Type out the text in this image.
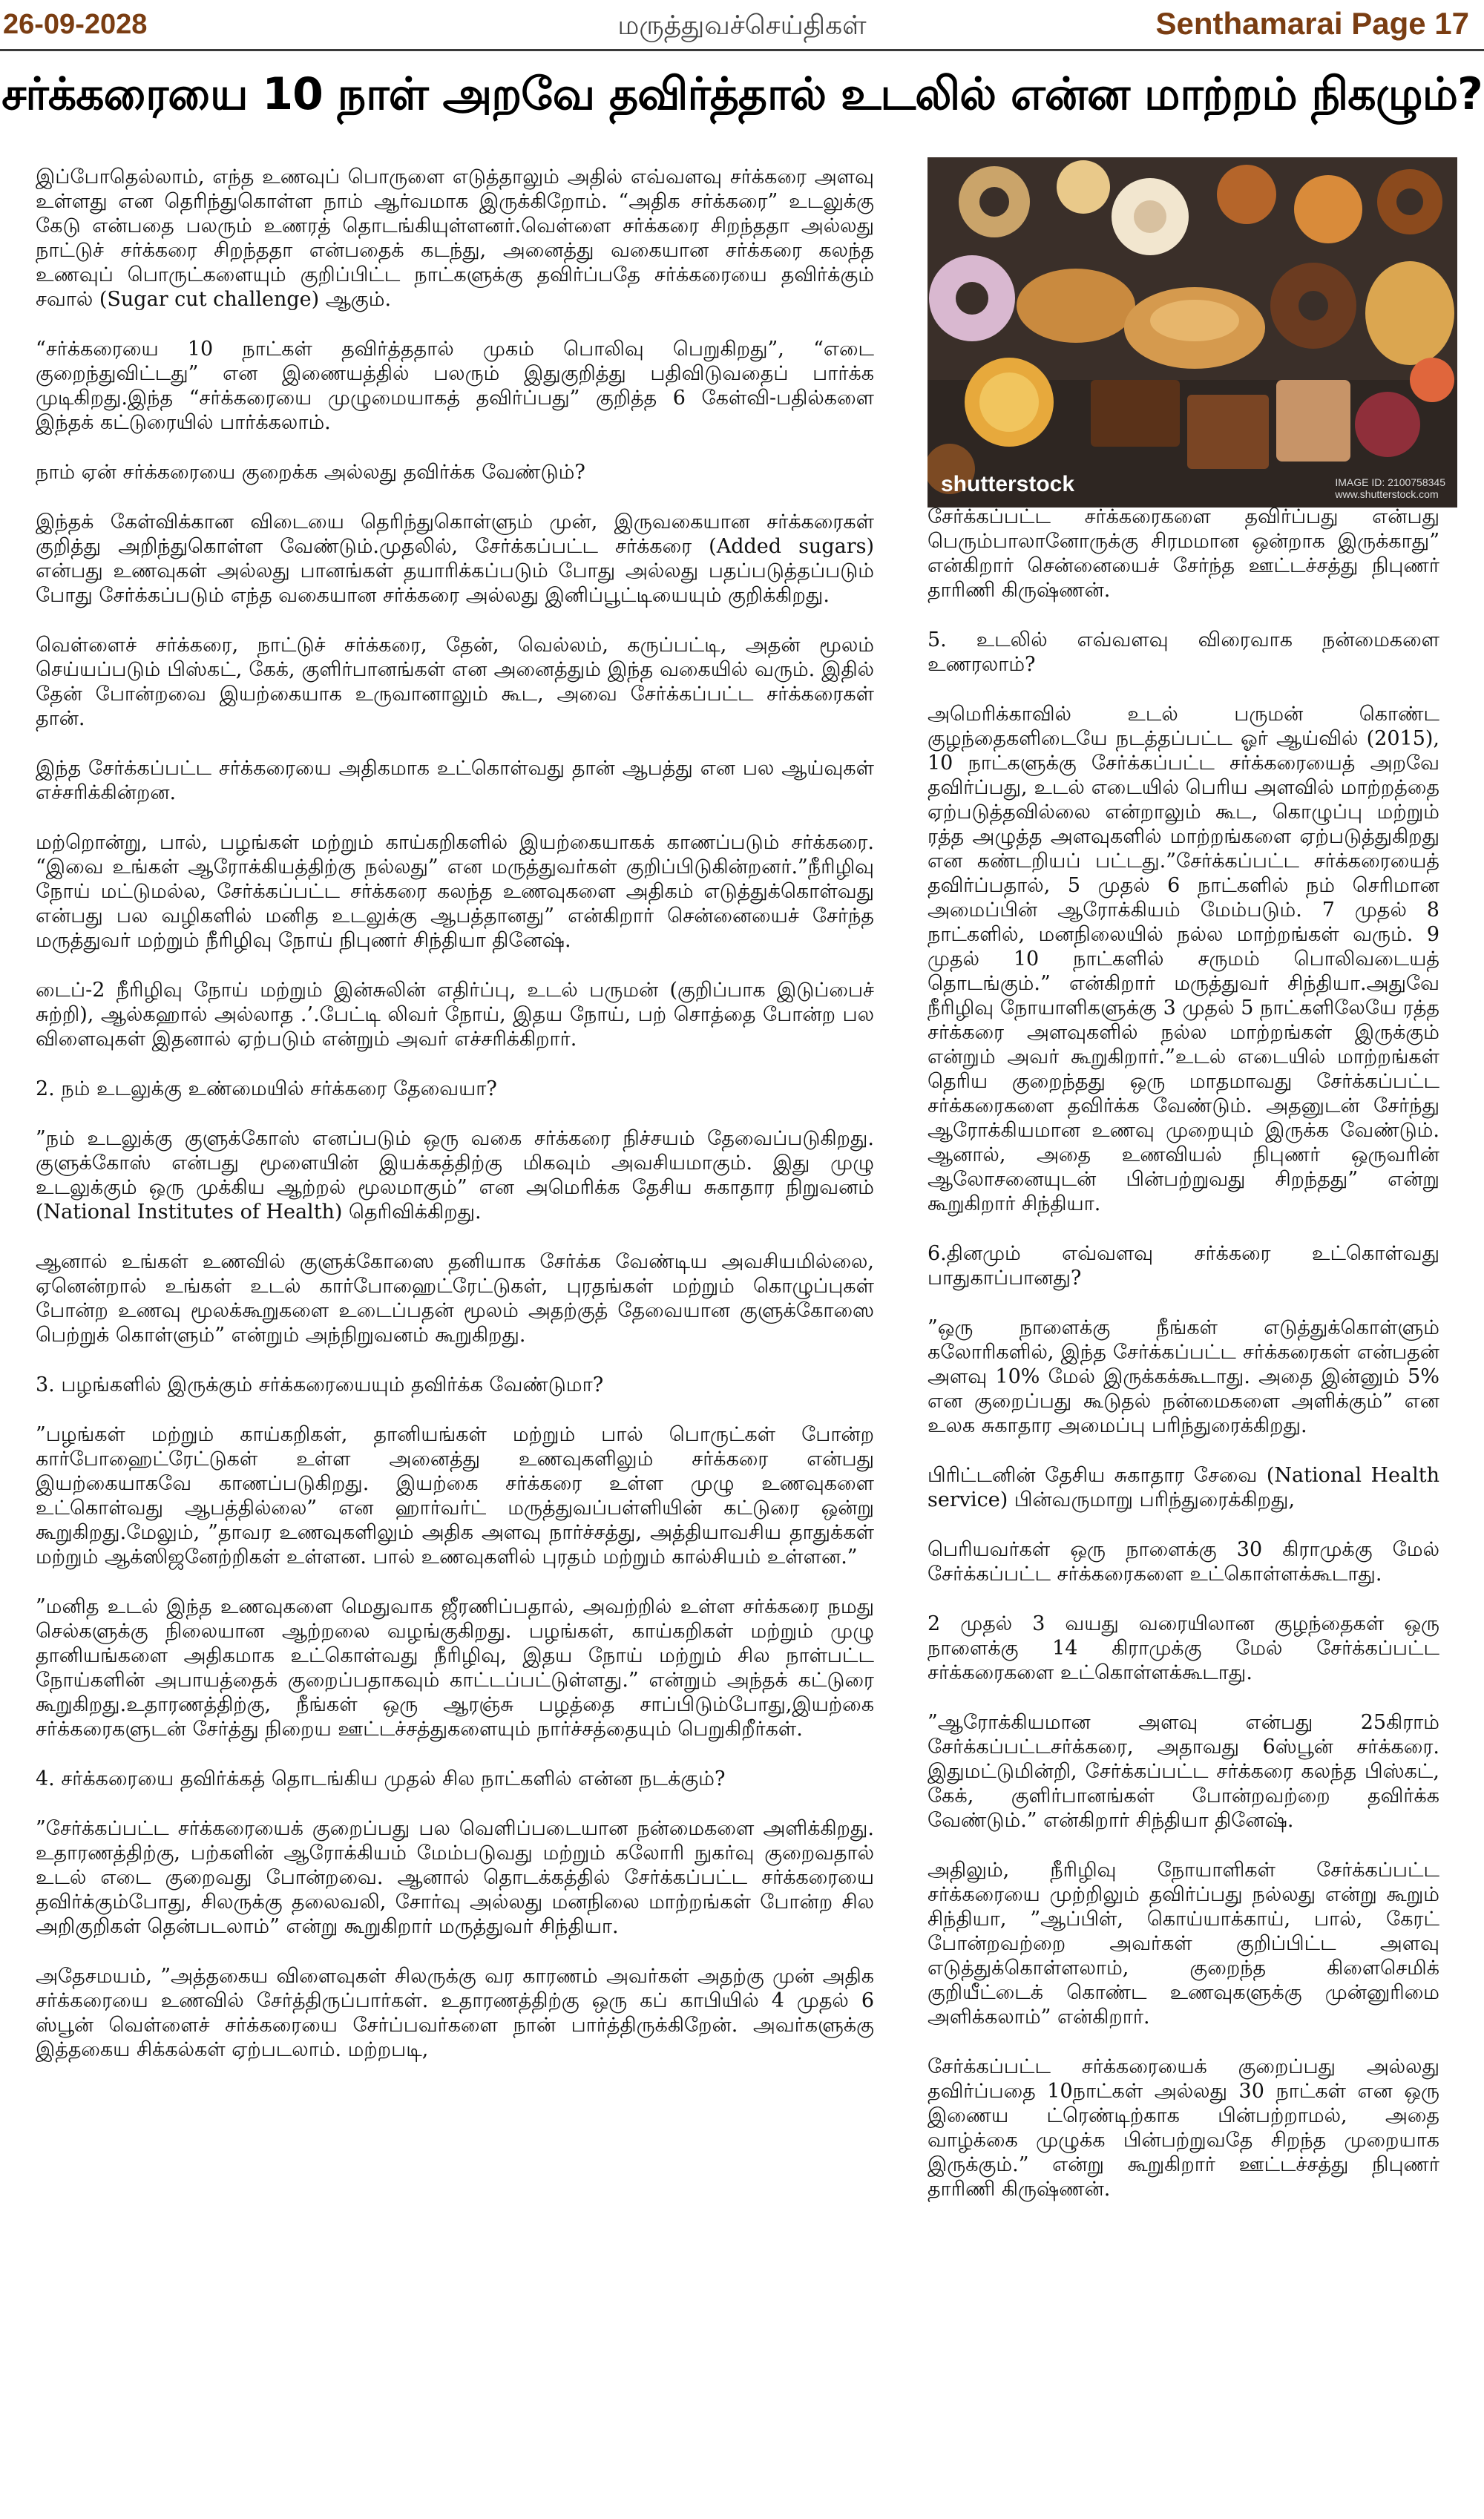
26-09-2028	மருத்துவச்செய்திகள்	Senthamarai Page 17
சர்க்கரையை 10 நாள் அறவே தவிர்த்தால் உடலில் என்ன மாற்றம் நிகழும்?

இப்போதெல்லாம், எந்த உணவுப் பொருளை எடுத்தாலும் அதில் எவ்வளவு சர்க்கரை அளவு உள்ளது என தெரிந்துகொள்ள நாம் ஆர்வமாக இருக்கிறோம். “அதிக சர்க்கரை” உடலுக்கு கேடு என்பதை பலரும் உணரத் தொடங்கியுள்ளனர்.வெள்ளை சர்க்கரை சிறந்ததா அல்லது நாட்டுச் சர்க்கரை சிறந்ததா என்பதைக் கடந்து, அனைத்து வகையான சர்க்கரை கலந்த உணவுப் பொருட்களையும் குறிப்பிட்ட நாட்களுக்கு தவிர்ப்பதே சர்க்கரையை தவிர்க்கும் சவால் (Sugar cut challenge) ஆகும்.

“சர்க்கரையை 10 நாட்கள் தவிர்த்ததால் முகம் பொலிவு பெறுகிறது”, “எடை குறைந்துவிட்டது” என இணையத்தில் பலரும் இதுகுறித்து பதிவிடுவதைப் பார்க்க முடிகிறது.இந்த “சர்க்கரையை முழுமையாகத் தவிர்ப்பது” குறித்த 6 கேள்வி-பதில்களை இந்தக் கட்டுரையில் பார்க்கலாம்.

நாம் ஏன் சர்க்கரையை குறைக்க அல்லது தவிர்க்க வேண்டும்?

இந்தக் கேள்விக்கான விடையை தெரிந்துகொள்ளும் முன், இருவகையான சர்க்கரைகள் குறித்து அறிந்துகொள்ள வேண்டும்.முதலில், சேர்க்கப்பட்ட சர்க்கரை (Added sugars) என்பது உணவுகள் அல்லது பானங்கள் தயாரிக்கப்படும் போது அல்லது பதப்படுத்தப்படும் போது சேர்க்கப்படும் எந்த வகையான சர்க்கரை அல்லது இனிப்பூட்டியையும் குறிக்கிறது.

வெள்ளைச் சர்க்கரை, நாட்டுச் சர்க்கரை, தேன், வெல்லம், கருப்பட்டி, அதன் மூலம் செய்யப்படும் பிஸ்கட், கேக், குளிர்பானங்கள் என அனைத்தும் இந்த வகையில் வரும். இதில் தேன் போன்றவை இயற்கையாக உருவானாலும் கூட, அவை சேர்க்கப்பட்ட சர்க்கரைகள் தான்.

இந்த சேர்க்கப்பட்ட சர்க்கரையை அதிகமாக உட்கொள்வது தான் ஆபத்து என பல ஆய்வுகள் எச்சரிக்கின்றன.

மற்றொன்று, பால், பழங்கள் மற்றும் காய்கறிகளில் இயற்கையாகக் காணப்படும் சர்க்கரை. “இவை உங்கள் ஆரோக்கியத்திற்கு நல்லது” என மருத்துவர்கள் குறிப்பிடுகின்றனர்.”நீரிழிவு நோய் மட்டுமல்ல, சேர்க்கப்பட்ட சர்க்கரை கலந்த உணவுகளை அதிகம் எடுத்துக்கொள்வது என்பது பல வழிகளில் மனித உடலுக்கு ஆபத்தானது” என்கிறார் சென்னையைச் சேர்ந்த மருத்துவர் மற்றும் நீரிழிவு நோய் நிபுணர் சிந்தியா தினேஷ்.

டைப்-2 நீரிழிவு நோய் மற்றும் இன்சுலின் எதிர்ப்பு, உடல் பருமன் (குறிப்பாக இடுப்பைச் சுற்றி), ஆல்கஹால் அல்லாத .’.பேட்டி லிவர் நோய், இதய நோய், பற் சொத்தை போன்ற பல விளைவுகள் இதனால் ஏற்படும் என்றும் அவர் எச்சரிக்கிறார்.

2. நம் உடலுக்கு உண்மையில் சர்க்கரை தேவையா?

”நம் உடலுக்கு குளுக்கோஸ் எனப்படும் ஒரு வகை சர்க்கரை நிச்சயம் தேவைப்படுகிறது. குளுக்கோஸ் என்பது மூளையின் இயக்கத்திற்கு மிகவும் அவசியமாகும். இது முழு உடலுக்கும் ஒரு முக்கிய ஆற்றல் மூலமாகும்” என அமெரிக்க தேசிய சுகாதார நிறுவனம் (National Institutes of Health) தெரிவிக்கிறது.

ஆனால் உங்கள் உணவில் குளுக்கோஸை தனியாக சேர்க்க வேண்டிய அவசியமில்லை, ஏனென்றால் உங்கள் உடல் கார்போஹைட்ரேட்டுகள், புரதங்கள் மற்றும் கொழுப்புகள் போன்ற உணவு மூலக்கூறுகளை உடைப்பதன் மூலம் அதற்குத் தேவையான குளுக்கோஸை பெற்றுக் கொள்ளும்” என்றும் அந்நிறுவனம் கூறுகிறது.

3. பழங்களில் இருக்கும் சர்க்கரையையும் தவிர்க்க வேண்டுமா?

”பழங்கள் மற்றும் காய்கறிகள், தானியங்கள் மற்றும் பால் பொருட்கள் போன்ற கார்போஹைட்ரேட்டுகள் உள்ள அனைத்து உணவுகளிலும் சர்க்கரை என்பது இயற்கையாகவே காணப்படுகிறது. இயற்கை சர்க்கரை உள்ள முழு உணவுகளை உட்கொள்வது ஆபத்தில்லை” என ஹார்வர்ட் மருத்துவப்பள்ளியின் கட்டுரை ஒன்று கூறுகிறது.மேலும், ”தாவர உணவுகளிலும் அதிக அளவு நார்ச்சத்து, அத்தியாவசிய தாதுக்கள் மற்றும் ஆக்ஸிஜனேற்றிகள் உள்ளன. பால் உணவுகளில் புரதம் மற்றும் கால்சியம் உள்ளன.”

”மனித உடல் இந்த உணவுகளை மெதுவாக ஜீரணிப்பதால், அவற்றில் உள்ள சர்க்கரை நமது செல்களுக்கு நிலையான ஆற்றலை வழங்குகிறது. பழங்கள், காய்கறிகள் மற்றும் முழு தானியங்களை அதிகமாக உட்கொள்வது நீரிழிவு, இதய நோய் மற்றும் சில நாள்பட்ட நோய்களின் அபாயத்தைக் குறைப்பதாகவும் காட்டப்பட்டுள்ளது.” என்றும் அந்தக் கட்டுரை கூறுகிறது.உதாரணத்திற்கு, நீங்கள் ஒரு ஆரஞ்சு பழத்தை சாப்பிடும்போது,இயற்கை சர்க்கரைகளுடன் சேர்த்து நிறைய ஊட்டச்சத்துகளையும் நார்ச்சத்தையும் பெறுகிறீர்கள்.

4. சர்க்கரையை தவிர்க்கத் தொடங்கிய முதல் சில நாட்களில் என்ன நடக்கும்?

”சேர்க்கப்பட்ட சர்க்கரையைக் குறைப்பது பல வெளிப்படையான நன்மைகளை அளிக்கிறது. உதாரணத்திற்கு, பற்களின் ஆரோக்கியம் மேம்படுவது மற்றும் கலோரி நுகர்வு குறைவதால் உடல் எடை குறைவது போன்றவை. ஆனால் தொடக்கத்தில் சேர்க்கப்பட்ட சர்க்கரையை தவிர்க்கும்போது, சிலருக்கு தலைவலி, சோர்வு அல்லது மனநிலை மாற்றங்கள் போன்ற சில அறிகுறிகள் தென்படலாம்” என்று கூறுகிறார் மருத்துவர் சிந்தியா.

அதேசமயம், ”அத்தகைய விளைவுகள் சிலருக்கு வர காரணம் அவர்கள் அதற்கு முன் அதிக சர்க்கரையை உணவில் சேர்த்திருப்பார்கள். உதாரணத்திற்கு ஒரு கப் காபியில் 4 முதல் 6 ஸ்பூன் வெள்ளைச் சர்க்கரையை சேர்ப்பவர்களை நான் பார்த்திருக்கிறேன். அவர்களுக்கு இத்தகைய சிக்கல்கள் ஏற்படலாம். மற்றபடி,

shutterstock	IMAGE ID: 2100758345
www.shutterstock.com

சேர்க்கப்பட்ட சர்க்கரைகளை தவிர்ப்பது என்பது பெரும்பாலானோருக்கு சிரமமான ஒன்றாக இருக்காது” என்கிறார் சென்னையைச் சேர்ந்த ஊட்டச்சத்து நிபுணர் தாரிணி கிருஷ்ணன்.

5. உடலில் எவ்வளவு விரைவாக நன்மைகளை உணரலாம்?

அமெரிக்காவில் உடல் பருமன் கொண்ட குழந்தைகளிடையே நடத்தப்பட்ட ஓர் ஆய்வில் (2015), 10 நாட்களுக்கு சேர்க்கப்பட்ட சர்க்கரையைத் அறவே தவிர்ப்பது, உடல் எடையில் பெரிய அளவில் மாற்றத்தை ஏற்படுத்தவில்லை என்றாலும் கூட, கொழுப்பு மற்றும் ரத்த அழுத்த அளவுகளில் மாற்றங்களை ஏற்படுத்துகிறது என கண்டறியப் பட்டது.”சேர்க்கப்பட்ட சர்க்கரையைத் தவிர்ப்பதால், 5 முதல் 6 நாட்களில் நம் செரிமான அமைப்பின் ஆரோக்கியம் மேம்படும். 7 முதல் 8 நாட்களில், மனநிலையில் நல்ல மாற்றங்கள் வரும். 9 முதல் 10 நாட்களில் சருமம் பொலிவடையத் தொடங்கும்.” என்கிறார் மருத்துவர் சிந்தியா.அதுவே நீரிழிவு நோயாளிகளுக்கு 3 முதல் 5 நாட்களிலேயே ரத்த சர்க்கரை அளவுகளில் நல்ல மாற்றங்கள் இருக்கும் என்றும் அவர் கூறுகிறார்.”உடல் எடையில் மாற்றங்கள் தெரிய குறைந்தது ஒரு மாதமாவது சேர்க்கப்பட்ட சர்க்கரைகளை தவிர்க்க வேண்டும். அதனுடன் சேர்ந்து ஆரோக்கியமான உணவு முறையும் இருக்க வேண்டும். ஆனால், அதை உணவியல் நிபுணர் ஒருவரின் ஆலோசனையுடன் பின்பற்றுவது சிறந்தது” என்று கூறுகிறார் சிந்தியா.

6.தினமும் எவ்வளவு சர்க்கரை உட்கொள்வது பாதுகாப்பானது?

”ஒரு நாளைக்கு நீங்கள் எடுத்துக்கொள்ளும் கலோரிகளில், இந்த சேர்க்கப்பட்ட சர்க்கரைகள் என்பதன் அளவு 10% மேல் இருக்கக்கூடாது. அதை இன்னும் 5% என குறைப்பது கூடுதல் நன்மைகளை அளிக்கும்” என உலக சுகாதார அமைப்பு பரிந்துரைக்கிறது.

பிரிட்டனின் தேசிய சுகாதார சேவை (National Health service) பின்வருமாறு பரிந்துரைக்கிறது,

பெரியவர்கள் ஒரு நாளைக்கு 30 கிராமுக்கு மேல் சேர்க்கப்பட்ட சர்க்கரைகளை உட்கொள்ளக்கூடாது.

2 முதல் 3 வயது வரையிலான குழந்தைகள் ஒரு நாளைக்கு 14 கிராமுக்கு மேல் சேர்க்கப்பட்ட சர்க்கரைகளை உட்கொள்ளக்கூடாது.

”ஆரோக்கியமான அளவு என்பது 25கிராம் சேர்க்கப்பட்டசர்க்கரை, அதாவது 6ஸ்பூன் சர்க்கரை. இதுமட்டுமின்றி, சேர்க்கப்பட்ட சர்க்கரை கலந்த பிஸ்கட், கேக், குளிர்பானங்கள் போன்றவற்றை தவிர்க்க வேண்டும்.” என்கிறார் சிந்தியா தினேஷ்.

அதிலும், நீரிழிவு நோயாளிகள் சேர்க்கப்பட்ட சர்க்கரையை முற்றிலும் தவிர்ப்பது நல்லது என்று கூறும் சிந்தியா, ”ஆப்பிள், கொய்யாக்காய், பால், கேரட் போன்றவற்றை அவர்கள் குறிப்பிட்ட அளவு எடுத்துக்கொள்ளலாம், குறைந்த கிளைசெமிக் குறியீட்டைக் கொண்ட உணவுகளுக்கு முன்னுரிமை அளிக்கலாம்” என்கிறார்.

சேர்க்கப்பட்ட சர்க்கரையைக் குறைப்பது அல்லது தவிர்ப்பதை 10நாட்கள் அல்லது 30 நாட்கள் என ஒரு இணைய ட்ரெண்டிற்காக பின்பற்றாமல், அதை வாழ்க்கை முழுக்க பின்பற்றுவதே சிறந்த முறையாக இருக்கும்.” என்று கூறுகிறார் ஊட்டச்சத்து நிபுணர் தாரிணி கிருஷ்ணன்.
